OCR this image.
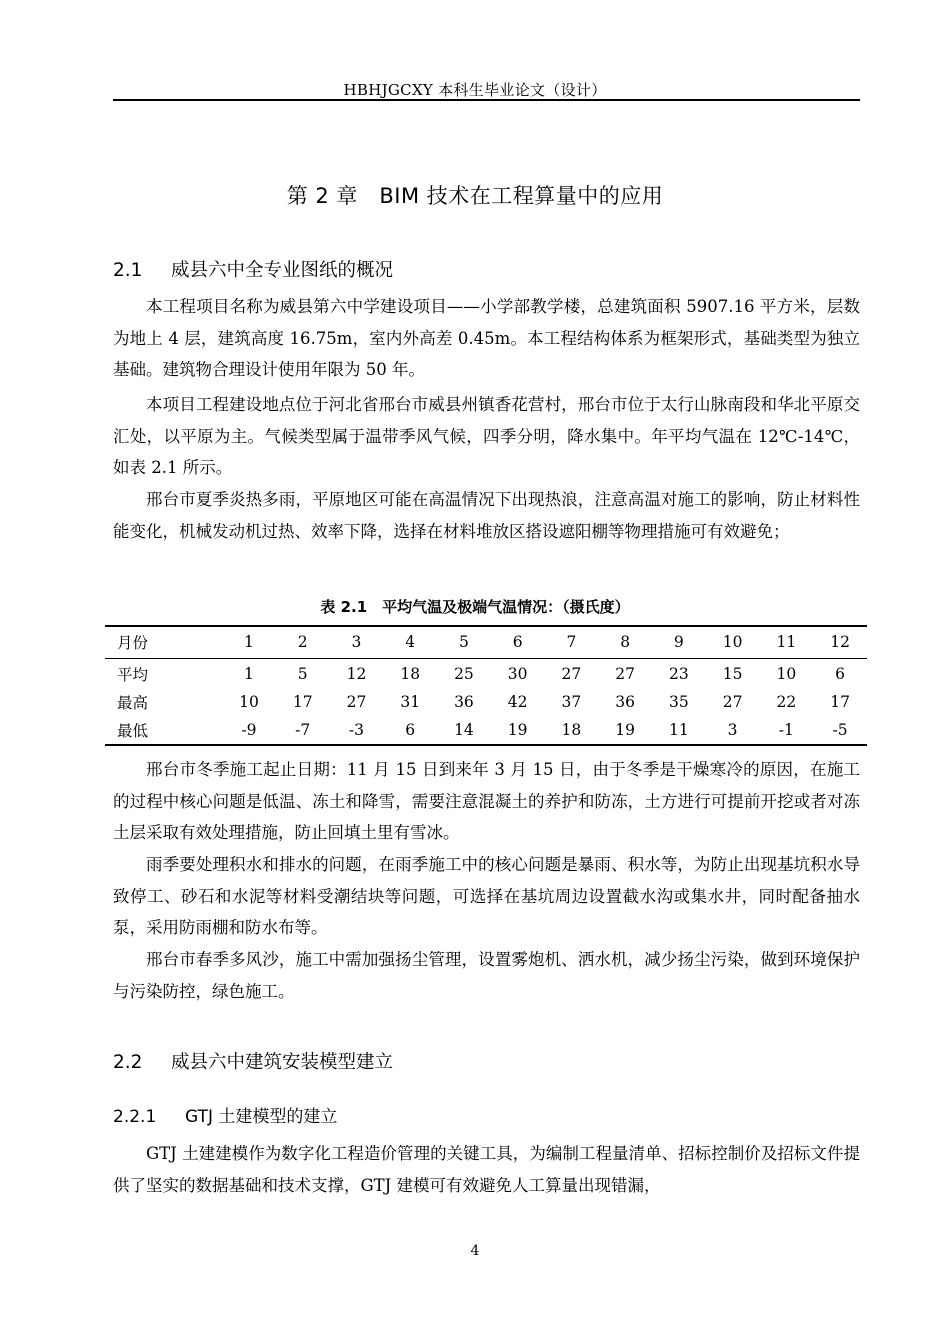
HBHJGCXY 本科生毕业论文（设计）
第 2 章　BIM 技术在工程算量中的应用
2.1 威县六中全专业图纸的概况

本工程项目名称为威县第六中学建设项目——小学部教学楼，总建筑面积 5907.16 平方米，层数为地上 4 层，建筑高度 16.75m，室内外高差 0.45m。本工程结构体系为框架形式，基础类型为独立基础。建筑物合理设计使用年限为 50 年。

本项目工程建设地点位于河北省邢台市威县州镇香花营村，邢台市位于太行山脉南段和华北平原交汇处，以平原为主。气候类型属于温带季风气候，四季分明，降水集中。年平均气温在 12℃-14℃，如表 2.1 所示。

邢台市夏季炎热多雨，平原地区可能在高温情况下出现热浪，注意高温对施工的影响，防止材料性能变化，机械发动机过热、效率下降，选择在材料堆放区搭设遮阳棚等物理措施可有效避免；

表 2.1　平均气温及极端气温情况：（摄氏度）
月份	1	2	3	4	5	6	7	8	9	10	11	12
平均	1	5	12	18	25	30	27	27	23	15	10	6
最高	10	17	27	31	36	42	37	36	35	27	22	17
最低	-9	-7	-3	6	14	19	18	19	11	3	-1	-5

邢台市冬季施工起止日期：11 月 15 日到来年 3 月 15 日，由于冬季是干燥寒冷的原因，在施工的过程中核心问题是低温、冻土和降雪，需要注意混凝土的养护和防冻，土方进行可提前开挖或者对冻土层采取有效处理措施，防止回填土里有雪冰。

雨季要处理积水和排水的问题，在雨季施工中的核心问题是暴雨、积水等，为防止出现基坑积水导致停工、砂石和水泥等材料受潮结块等问题，可选择在基坑周边设置截水沟或集水井，同时配备抽水泵，采用防雨棚和防水布等。

邢台市春季多风沙，施工中需加强扬尘管理，设置雾炮机、洒水机，减少扬尘污染，做到环境保护与污染防控，绿色施工。

2.2 威县六中建筑安装模型建立
2.2.1 GTJ 土建模型的建立

GTJ 土建建模作为数字化工程造价管理的关键工具，为编制工程量清单、招标控制价及招标文件提供了坚实的数据基础和技术支撑，GTJ 建模可有效避免人工算量出现错漏，

4
